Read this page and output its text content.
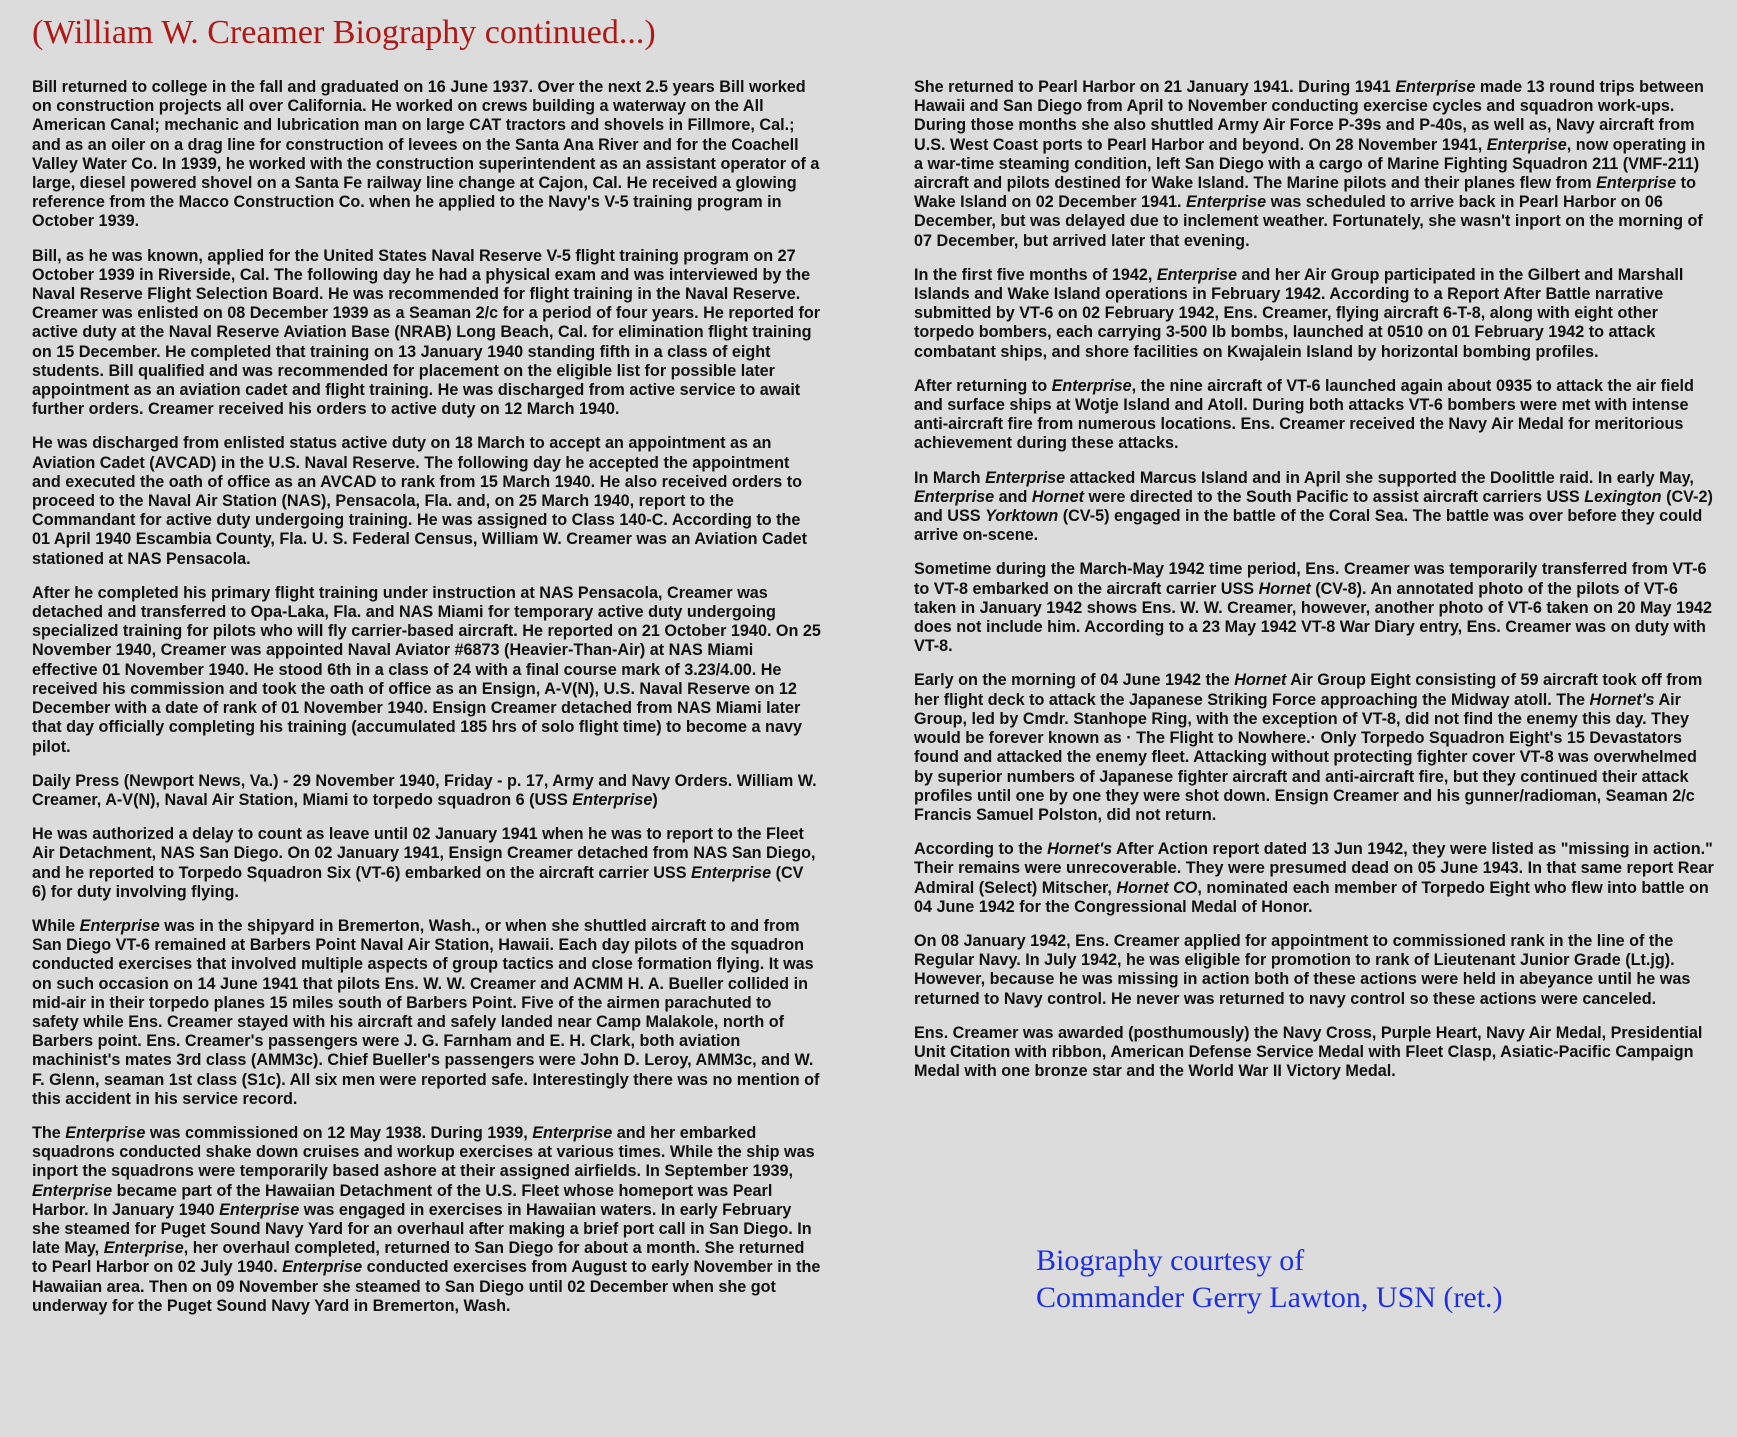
(William W. Creamer Biography continued...)

Bill returned to college in the fall and graduated on 16 June 1937. Over the next 2.5 years Bill worked on construction projects all over California. He worked on crews building a waterway on the All American Canal; mechanic and lubrication man on large CAT tractors and shovels in Fillmore, Cal.; and as an oiler on a drag line for construction of levees on the Santa Ana River and for the Coachell Valley Water Co. In 1939, he worked with the construction superintendent as an assistant operator of a large, diesel powered shovel on a Santa Fe railway line change at Cajon, Cal. He received a glowing reference from the Macco Construction Co. when he applied to the Navy's V-5 training program in October 1939.

Bill, as he was known, applied for the United States Naval Reserve V-5 flight training program on 27 October 1939 in Riverside, Cal. The following day he had a physical exam and was interviewed by the Naval Reserve Flight Selection Board. He was recommended for flight training in the Naval Reserve. Creamer was enlisted on 08 December 1939 as a Seaman 2/c for a period of four years. He reported for active duty at the Naval Reserve Aviation Base (NRAB) Long Beach, Cal. for elimination flight training on 15 December. He completed that training on 13 January 1940 standing fifth in a class of eight students. Bill qualified and was recommended for placement on the eligible list for possible later appointment as an aviation cadet and flight training. He was discharged from active service to await further orders. Creamer received his orders to active duty on 12 March 1940.

He was discharged from enlisted status active duty on 18 March to accept an appointment as an Aviation Cadet (AVCAD) in the U.S. Naval Reserve. The following day he accepted the appointment and executed the oath of office as an AVCAD to rank from 15 March 1940. He also received orders to proceed to the Naval Air Station (NAS), Pensacola, Fla. and, on 25 March 1940, report to the Commandant for active duty undergoing training. He was assigned to Class 140-C. According to the 01 April 1940 Escambia County, Fla. U. S. Federal Census, William W. Creamer was an Aviation Cadet stationed at NAS Pensacola.

After he completed his primary flight training under instruction at NAS Pensacola, Creamer was detached and transferred to Opa-Laka, Fla. and NAS Miami for temporary active duty undergoing specialized training for pilots who will fly carrier-based aircraft. He reported on 21 October 1940. On 25 November 1940, Creamer was appointed Naval Aviator #6873 (Heavier-Than-Air) at NAS Miami effective 01 November 1940. He stood 6th in a class of 24 with a final course mark of 3.23/4.00. He received his commission and took the oath of office as an Ensign, A-V(N), U.S. Naval Reserve on 12 December with a date of rank of 01 November 1940. Ensign Creamer detached from NAS Miami later that day officially completing his training (accumulated 185 hrs of solo flight time) to become a navy pilot.

Daily Press (Newport News, Va.) - 29 November 1940, Friday - p. 17, Army and Navy Orders. William W. Creamer, A-V(N), Naval Air Station, Miami to torpedo squadron 6 (USS Enterprise)

He was authorized a delay to count as leave until 02 January 1941 when he was to report to the Fleet Air Detachment, NAS San Diego. On 02 January 1941, Ensign Creamer detached from NAS San Diego, and he reported to Torpedo Squadron Six (VT-6) embarked on the aircraft carrier USS Enterprise (CV 6) for duty involving flying.

While Enterprise was in the shipyard in Bremerton, Wash., or when she shuttled aircraft to and from San Diego VT-6 remained at Barbers Point Naval Air Station, Hawaii. Each day pilots of the squadron conducted exercises that involved multiple aspects of group tactics and close formation flying. It was on such occasion on 14 June 1941 that pilots Ens. W. W. Creamer and ACMM H. A. Bueller collided in mid-air in their torpedo planes 15 miles south of Barbers Point. Five of the airmen parachuted to safety while Ens. Creamer stayed with his aircraft and safely landed near Camp Malakole, north of Barbers point. Ens. Creamer's passengers were J. G. Farnham and E. H. Clark, both aviation machinist's mates 3rd class (AMM3c). Chief Bueller's passengers were John D. Leroy, AMM3c, and W. F. Glenn, seaman 1st class (S1c). All six men were reported safe. Interestingly there was no mention of this accident in his service record.

The Enterprise was commissioned on 12 May 1938. During 1939, Enterprise and her embarked squadrons conducted shake down cruises and workup exercises at various times. While the ship was inport the squadrons were temporarily based ashore at their assigned airfields. In September 1939, Enterprise became part of the Hawaiian Detachment of the U.S. Fleet whose homeport was Pearl Harbor. In January 1940 Enterprise was engaged in exercises in Hawaiian waters. In early February she steamed for Puget Sound Navy Yard for an overhaul after making a brief port call in San Diego. In late May, Enterprise, her overhaul completed, returned to San Diego for about a month. She returned to Pearl Harbor on 02 July 1940. Enterprise conducted exercises from August to early November in the Hawaiian area. Then on 09 November she steamed to San Diego until 02 December when she got underway for the Puget Sound Navy Yard in Bremerton, Wash.

She returned to Pearl Harbor on 21 January 1941. During 1941 Enterprise made 13 round trips between Hawaii and San Diego from April to November conducting exercise cycles and squadron work-ups. During those months she also shuttled Army Air Force P-39s and P-40s, as well as, Navy aircraft from U.S. West Coast ports to Pearl Harbor and beyond. On 28 November 1941, Enterprise, now operating in a war-time steaming condition, left San Diego with a cargo of Marine Fighting Squadron 211 (VMF-211) aircraft and pilots destined for Wake Island. The Marine pilots and their planes flew from Enterprise to Wake Island on 02 December 1941. Enterprise was scheduled to arrive back in Pearl Harbor on 06 December, but was delayed due to inclement weather. Fortunately, she wasn't inport on the morning of 07 December, but arrived later that evening.

In the first five months of 1942, Enterprise and her Air Group participated in the Gilbert and Marshall Islands and Wake Island operations in February 1942. According to a Report After Battle narrative submitted by VT-6 on 02 February 1942, Ens. Creamer, flying aircraft 6-T-8, along with eight other torpedo bombers, each carrying 3-500 lb bombs, launched at 0510 on 01 February 1942 to attack combatant ships, and shore facilities on Kwajalein Island by horizontal bombing profiles.

After returning to Enterprise, the nine aircraft of VT-6 launched again about 0935 to attack the air field and surface ships at Wotje Island and Atoll. During both attacks VT-6 bombers were met with intense anti-aircraft fire from numerous locations. Ens. Creamer received the Navy Air Medal for meritorious achievement during these attacks.

In March Enterprise attacked Marcus Island and in April she supported the Doolittle raid. In early May, Enterprise and Hornet were directed to the South Pacific to assist aircraft carriers USS Lexington (CV-2) and USS Yorktown (CV-5) engaged in the battle of the Coral Sea. The battle was over before they could arrive on-scene.

Sometime during the March-May 1942 time period, Ens. Creamer was temporarily transferred from VT-6 to VT-8 embarked on the aircraft carrier USS Hornet (CV-8). An annotated photo of the pilots of VT-6 taken in January 1942 shows Ens. W. W. Creamer, however, another photo of VT-6 taken on 20 May 1942 does not include him. According to a 23 May 1942 VT-8 War Diary entry, Ens. Creamer was on duty with VT-8.

Early on the morning of 04 June 1942 the Hornet Air Group Eight consisting of 59 aircraft took off from her flight deck to attack the Japanese Striking Force approaching the Midway atoll. The Hornet's Air Group, led by Cmdr. Stanhope Ring, with the exception of VT-8, did not find the enemy this day. They would be forever known as · The Flight to Nowhere.· Only Torpedo Squadron Eight's 15 Devastators found and attacked the enemy fleet. Attacking without protecting fighter cover VT-8 was overwhelmed by superior numbers of Japanese fighter aircraft and anti-aircraft fire, but they continued their attack profiles until one by one they were shot down. Ensign Creamer and his gunner/radioman, Seaman 2/c Francis Samuel Polston, did not return.

According to the Hornet's After Action report dated 13 Jun 1942, they were listed as "missing in action." Their remains were unrecoverable. They were presumed dead on 05 June 1943. In that same report Rear Admiral (Select) Mitscher, Hornet CO, nominated each member of Torpedo Eight who flew into battle on 04 June 1942 for the Congressional Medal of Honor.

On 08 January 1942, Ens. Creamer applied for appointment to commissioned rank in the line of the Regular Navy. In July 1942, he was eligible for promotion to rank of Lieutenant Junior Grade (Lt.jg). However, because he was missing in action both of these actions were held in abeyance until he was returned to Navy control. He never was returned to navy control so these actions were canceled.

Ens. Creamer was awarded (posthumously) the Navy Cross, Purple Heart, Navy Air Medal, Presidential Unit Citation with ribbon, American Defense Service Medal with Fleet Clasp, Asiatic-Pacific Campaign Medal with one bronze star and the World War II Victory Medal.

Biography courtesy of
Commander Gerry Lawton, USN (ret.)
